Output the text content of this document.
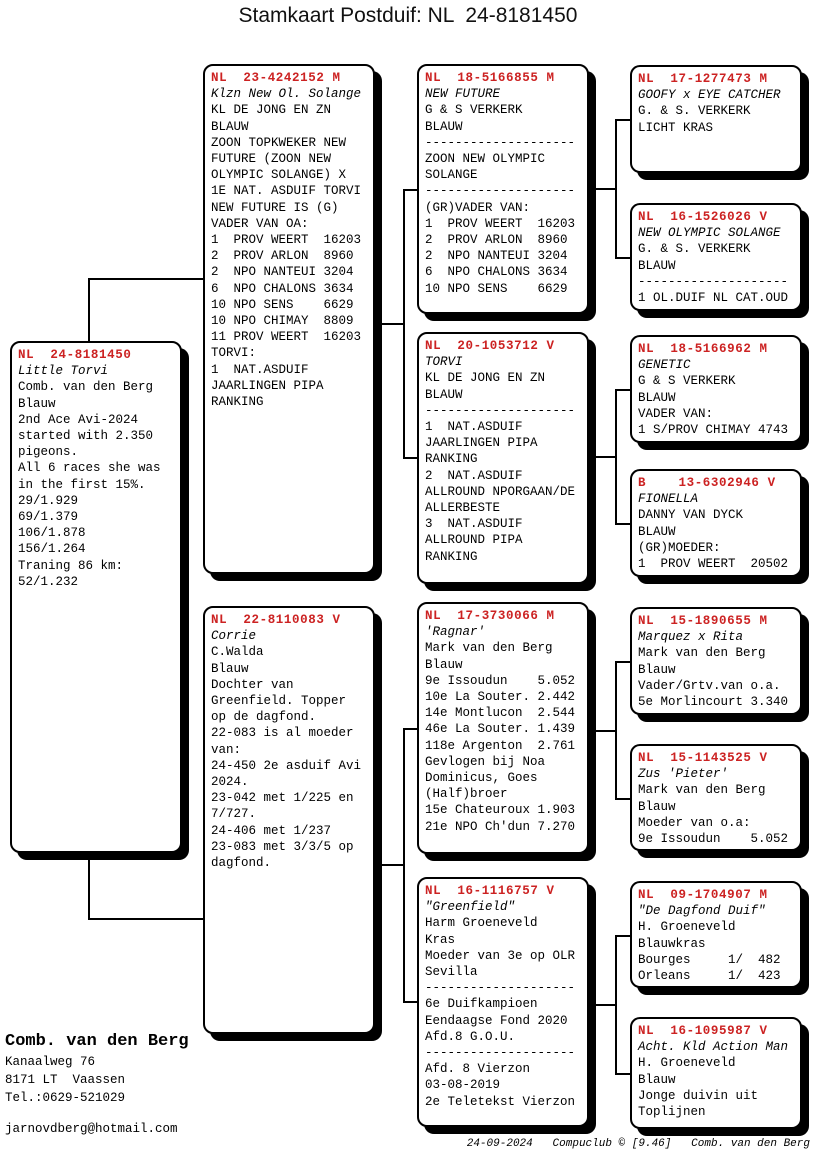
Stamkaart Postduif: NL  24-8181450
NL  24-8181450
Little Torvi
Comb. van den Berg
Blauw
2nd Ace Avi-2024
started with 2.350
pigeons.
All 6 races she was
in the first 15%.
29/1.929
69/1.379
106/1.878
156/1.264
Traning 86 km:
52/1.232
NL  23-4242152 M
Klzn New Ol. Solange
KL DE JONG EN ZN
BLAUW
ZOON TOPKWEKER NEW
FUTURE (ZOON NEW
OLYMPIC SOLANGE) X
1E NAT. ASDUIF TORVI
NEW FUTURE IS (G)
VADER VAN OA:
1  PROV WEERT  16203
2  PROV ARLON  8960
2  NPO NANTEUI 3204
6  NPO CHALONS 3634
10 NPO SENS    6629
10 NPO CHIMAY  8809
11 PROV WEERT  16203
TORVI:
1  NAT.ASDUIF
JAARLINGEN PIPA
RANKING
NL  22-8110083 V
Corrie
C.Walda
Blauw
Dochter van
Greenfield. Topper
op de dagfond.
22-083 is al moeder
van:
24-450 2e asduif Avi
2024.
23-042 met 1/225 en
7/727.
24-406 met 1/237
23-083 met 3/3/5 op
dagfond.
NL  18-5166855 M
NEW FUTURE
G & S VERKERK
BLAUW
--------------------
ZOON NEW OLYMPIC
SOLANGE
--------------------
(GR)VADER VAN:
1  PROV WEERT  16203
2  PROV ARLON  8960
2  NPO NANTEUI 3204
6  NPO CHALONS 3634
10 NPO SENS    6629
NL  20-1053712 V
TORVI
KL DE JONG EN ZN
BLAUW
--------------------
1  NAT.ASDUIF
JAARLINGEN PIPA
RANKING
2  NAT.ASDUIF
ALLROUND NPORGAAN/DE
ALLERBESTE
3  NAT.ASDUIF
ALLROUND PIPA
RANKING
NL  17-3730066 M
'Ragnar'
Mark van den Berg
Blauw
9e Issoudun    5.052
10e La Souter. 2.442
14e Montlucon  2.544
46e La Souter. 1.439
118e Argenton  2.761
Gevlogen bij Noa
Dominicus, Goes
(Half)broer
15e Chateuroux 1.903
21e NPO Ch'dun 7.270
NL  16-1116757 V
"Greenfield"
Harm Groeneveld
Kras
Moeder van 3e op OLR
Sevilla
--------------------
6e Duifkampioen
Eendaagse Fond 2020
Afd.8 G.O.U.
--------------------
Afd. 8 Vierzon
03-08-2019
2e Teletekst Vierzon
NL  17-1277473 M
GOOFY x EYE CATCHER
G. & S. VERKERK
LICHT KRAS
NL  16-1526026 V
NEW OLYMPIC SOLANGE
G. & S. VERKERK
BLAUW
--------------------
1 OL.DUIF NL CAT.OUD
NL  18-5166962 M
GENETIC
G & S VERKERK
BLAUW
VADER VAN:
1 S/PROV CHIMAY 4743
B    13-6302946 V
FIONELLA
DANNY VAN DYCK
BLAUW
(GR)MOEDER:
1  PROV WEERT  20502
NL  15-1890655 M
Marquez x Rita
Mark van den Berg
Blauw
Vader/Grtv.van o.a.
5e Morlincourt 3.340
NL  15-1143525 V
Zus 'Pieter'
Mark van den Berg
Blauw
Moeder van o.a:
9e Issoudun    5.052
NL  09-1704907 M
"De Dagfond Duif"
H. Groeneveld
Blauwkras
Bourges     1/  482
Orleans     1/  423
NL  16-1095987 V
Acht. Kld Action Man
H. Groeneveld
Blauw
Jonge duivin uit
Toplijnen
Comb. van den Berg
Kanaalweg 76
8171 LT  Vaassen
Tel.:0629-521029
jarnovdberg@hotmail.com
24-09-2024   Compuclub © [9.46]   Comb. van den Berg
